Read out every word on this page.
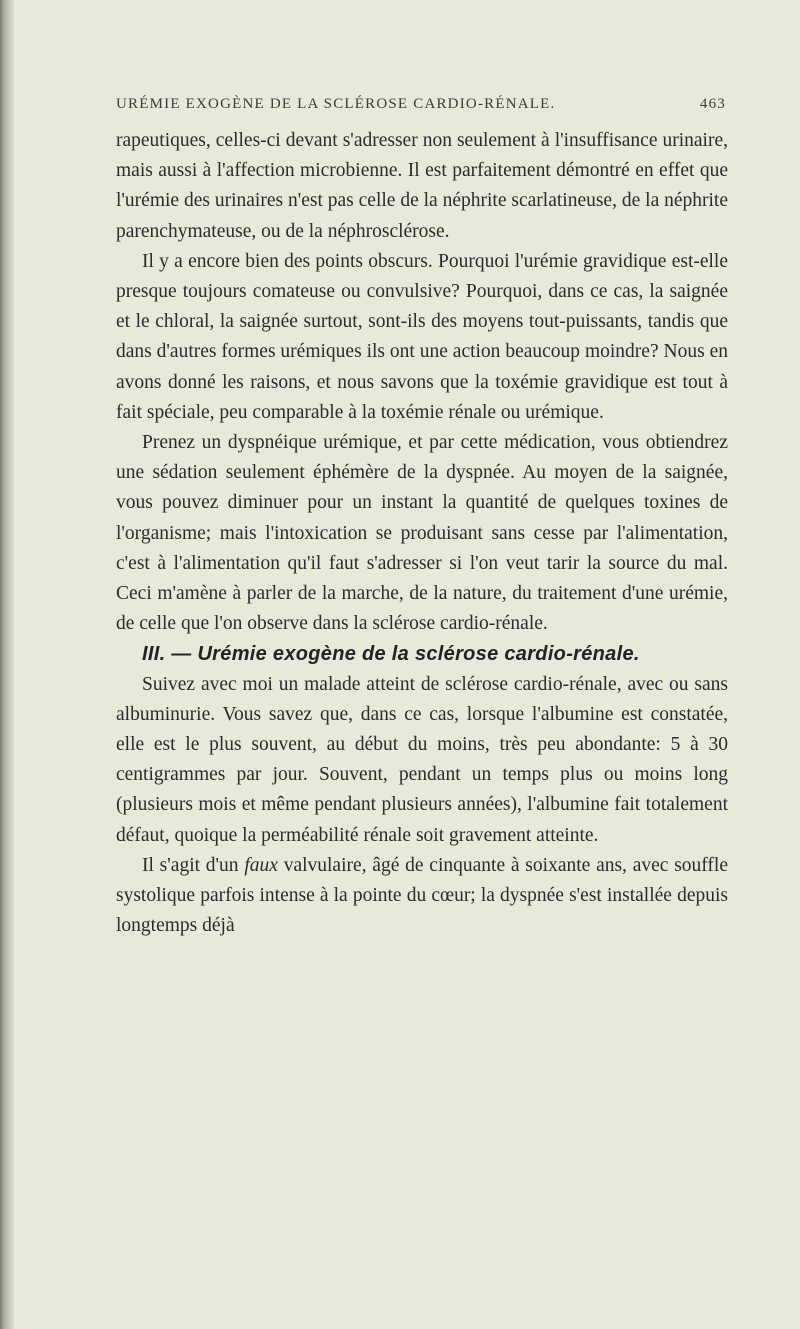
URÉMIE EXOGÈNE DE LA SCLÉROSE CARDIO-RÉNALE.	463

rapeutiques, celles-ci devant s'adresser non seulement à l'insuffisance urinaire, mais aussi à l'affection microbienne. Il est parfaitement démontré en effet que l'urémie des urinaires n'est pas celle de la néphrite scarlatineuse, de la néphrite parenchymateuse, ou de la néphrosclérose.

Il y a encore bien des points obscurs. Pourquoi l'urémie gravidique est-elle presque toujours comateuse ou convulsive? Pourquoi, dans ce cas, la saignée et le chloral, la saignée surtout, sont-ils des moyens tout-puissants, tandis que dans d'autres formes urémiques ils ont une action beaucoup moindre? Nous en avons donné les raisons, et nous savons que la toxémie gravidique est tout à fait spéciale, peu comparable à la toxémie rénale ou urémique.

Prenez un dyspnéique urémique, et par cette médication, vous obtiendrez une sédation seulement éphémère de la dyspnée. Au moyen de la saignée, vous pouvez diminuer pour un instant la quantité de quelques toxines de l'organisme; mais l'intoxication se produisant sans cesse par l'alimentation, c'est à l'alimentation qu'il faut s'adresser si l'on veut tarir la source du mal. Ceci m'amène à parler de la marche, de la nature, du traitement d'une urémie, de celle que l'on observe dans la sclérose cardio-rénale.

III. — Urémie exogène de la sclérose cardio-rénale.

Suivez avec moi un malade atteint de sclérose cardio-rénale, avec ou sans albuminurie. Vous savez que, dans ce cas, lorsque l'albumine est constatée, elle est le plus souvent, au début du moins, très peu abondante: 5 à 30 centigrammes par jour. Souvent, pendant un temps plus ou moins long (plusieurs mois et même pendant plusieurs années), l'albumine fait totalement défaut, quoique la perméabilité rénale soit gravement atteinte.

Il s'agit d'un faux valvulaire, âgé de cinquante à soixante ans, avec souffle systolique parfois intense à la pointe du cœur; la dyspnée s'est installée depuis longtemps déjà
